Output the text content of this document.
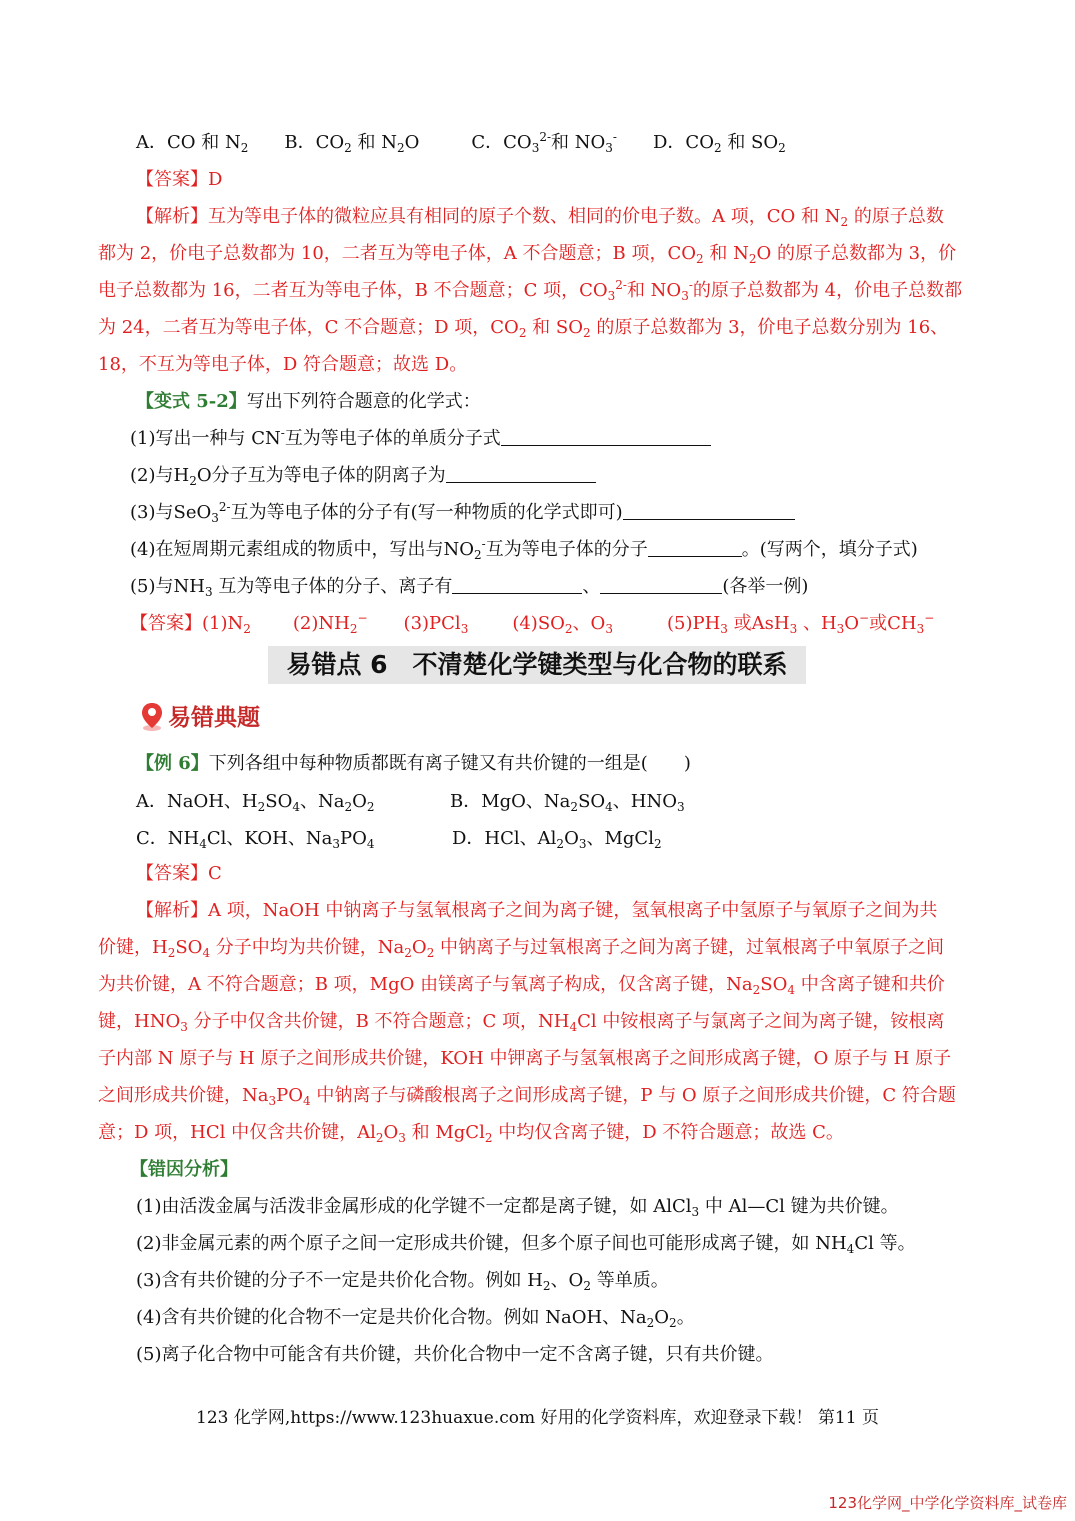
A．CO 和 $N_2$ B．$CO_2$ 和 $N_2O$	C．$CO_3^{2-}$和 $NO_3^-$ D．$CO_2$ 和 $SO_2$
【答案】D
【解析】互为等电子体的微粒应具有相同的原子个数、相同的价电子数。A 项，CO 和 $N_2$ 的原子总数
都为 2，价电子总数都为 10，二者互为等电子体，A 不合题意；B 项，$CO_2$ 和 $N_2O$ 的原子总数都为 3，价
电子总数都为 16，二者互为等电子体，B 不合题意；C 项，$CO_3^{2-}$和 $NO_3^-$的原子总数都为 4，价电子总数都
为 24，二者互为等电子体，C 不合题意；D 项，$CO_2$ 和 $SO_2$ 的原子总数都为 3，价电子总数分别为 16、
18，不互为等电子体，D 符合题意；故选 D。
【变式 5-2】写出下列符合题意的化学式：
(1)写出一种与 CN-互为等电子体的单质分子式
(2)与$H_2O$分子互为等电子体的阴离子为
(3)与SeO$_3^{2-}$互为等电子体的分子有(写一种物质的化学式即可)
(4)在短周期元素组成的物质中，写出与$NO_2^-$互为等电子体的分子	。(写两个，填分子式)
(5)与$NH_3$ 互为等电子体的分子、离子有	、	(各举一例)
【答案】$(1)N_2$ $(2)NH_2^-$ (3)PCl$_3$ $(4)SO_2$、$O_3$	$(5)PH_3$ 或AsH$_3$ 、$H_3O^-$或$CH_3^-$
易错点 6　不清楚化学键类型与化合物的联系
易错典题
【例 6】下列各组中每种物质都既有离子键又有共价键的一组是(　　)
A．NaOH、$H_2SO_4$、$Na_2O_2$	B．MgO、$Na_2SO_4$、$HNO_3$
C．$NH_4Cl$、KOH、$Na_3PO_4$	D．HCl、$Al_2O_3$、MgCl$_2$
【答案】C
【解析】A 项，NaOH 中钠离子与氢氧根离子之间为离子键，氢氧根离子中氢原子与氧原子之间为共
价键，$H_2SO_4$ 分子中均为共价键，$Na_2O_2$ 中钠离子与过氧根离子之间为离子键，过氧根离子中氧原子之间
为共价键，A 不符合题意；B 项，MgO 由镁离子与氧离子构成，仅含离子键，$Na_2SO_4$ 中含离子键和共价
键，$HNO_3$ 分子中仅含共价键，B 不符合题意；C 项，$NH_4Cl$ 中铵根离子与氯离子之间为离子键，铵根离
子内部 N 原子与 H 原子之间形成共价键，KOH 中钾离子与氢氧根离子之间形成离子键，O 原子与 H 原子
之间形成共价键，$Na_3PO_4$ 中钠离子与磷酸根离子之间形成离子键，P 与 O 原子之间形成共价键，C 符合题
意；D 项，HCl 中仅含共价键，$Al_2O_3$ 和 MgCl$_2$ 中均仅含离子键，D 不符合题意；故选 C。
【错因分析】
(1)由活泼金属与活泼非金属形成的化学键不一定都是离子键，如 AlCl$_3$ 中 Al—Cl 键为共价键。
(2)非金属元素的两个原子之间一定形成共价键，但多个原子间也可能形成离子键，如 $NH_4Cl$ 等。
(3)含有共价键的分子不一定是共价化合物。例如 $H_2$、$O_2$ 等单质。
(4)含有共价键的化合物不一定是共价化合物。例如 NaOH、$Na_2O_2$。
(5)离子化合物中可能含有共价键，共价化合物中一定不含离子键，只有共价键。
123 化学网,https://www.123huaxue.com 好用的化学资料库，欢迎登录下载！ 第11 页
123化学网_中学化学资料库_试卷库
